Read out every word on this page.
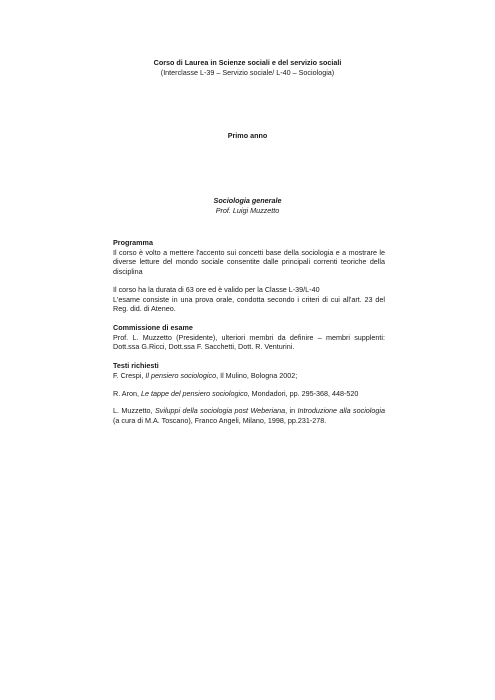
Corso di Laurea in Scienze sociali e del servizio sociali
(Interclasse L-39 – Servizio sociale/ L-40 – Sociologia)
Primo anno
Sociologia generale
Prof. Luigi Muzzetto
Programma

Il corso è volto a mettere l'accento sui concetti base della sociologia e a mostrare le diverse letture del mondo sociale consentite dalle principali correnti teoriche della disciplina

Il corso ha la durata di 63 ore ed è valido per la Classe L-39/L-40

L'esame consiste in una prova orale, condotta secondo i criteri di cui all'art. 23 del Reg. did. di Ateneo.

Commissione di esame

Prof. L. Muzzetto (Presidente), ulteriori membri da definire – membri supplenti: Dott.ssa G.Ricci, Dott.ssa F. Sacchetti, Dott. R. Venturini.

Testi richiesti

F. Crespi, Il pensiero sociologico, Il Mulino, Bologna 2002;

R. Aron, Le tappe del pensiero sociologico, Mondadori, pp. 295-368, 448-520

L. Muzzetto, Sviluppi della sociologia post Weberiana, in Introduzione alla sociologia (a cura di M.A. Toscano), Franco Angeli, Milano, 1998, pp.231-278.
